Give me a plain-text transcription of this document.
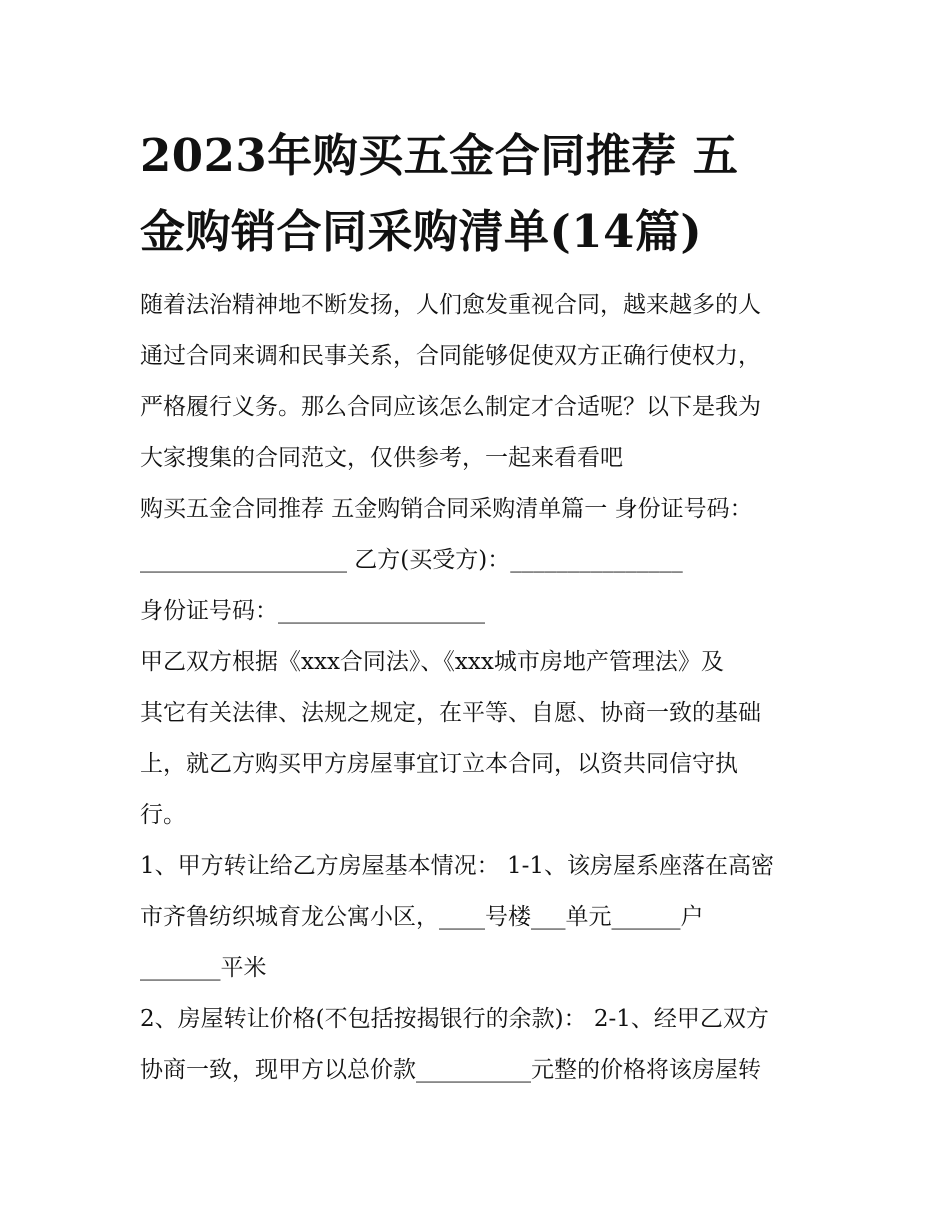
2023年购买五金合同推荐 五
金购销合同采购清单(14篇)

随着法治精神地不断发扬，人们愈发重视合同，越来越多的人
通过合同来调和民事关系，合同能够促使双方正确行使权力，
严格履行义务。那么合同应该怎么制定才合适呢？以下是我为
大家搜集的合同范文，仅供参考，一起来看看吧

购买五金合同推荐 五金购销合同采购清单篇一 身份证号码：
__________________ 乙方(买受方)：_______________

身份证号码：__________________

甲乙双方根据《xxx合同法》、《xxx城市房地产管理法》及
其它有关法律、法规之规定，在平等、自愿、协商一致的基础
上，就乙方购买甲方房屋事宜订立本合同，以资共同信守执
行。

1、甲方转让给乙方房屋基本情况： 1-1、该房屋系座落在高密
市齐鲁纺织城育龙公寓小区，____号楼___单元______户
_______平米

2、房屋转让价格(不包括按揭银行的余款)： 2-1、经甲乙双方
协商一致，现甲方以总价款__________元整的价格将该房屋转
